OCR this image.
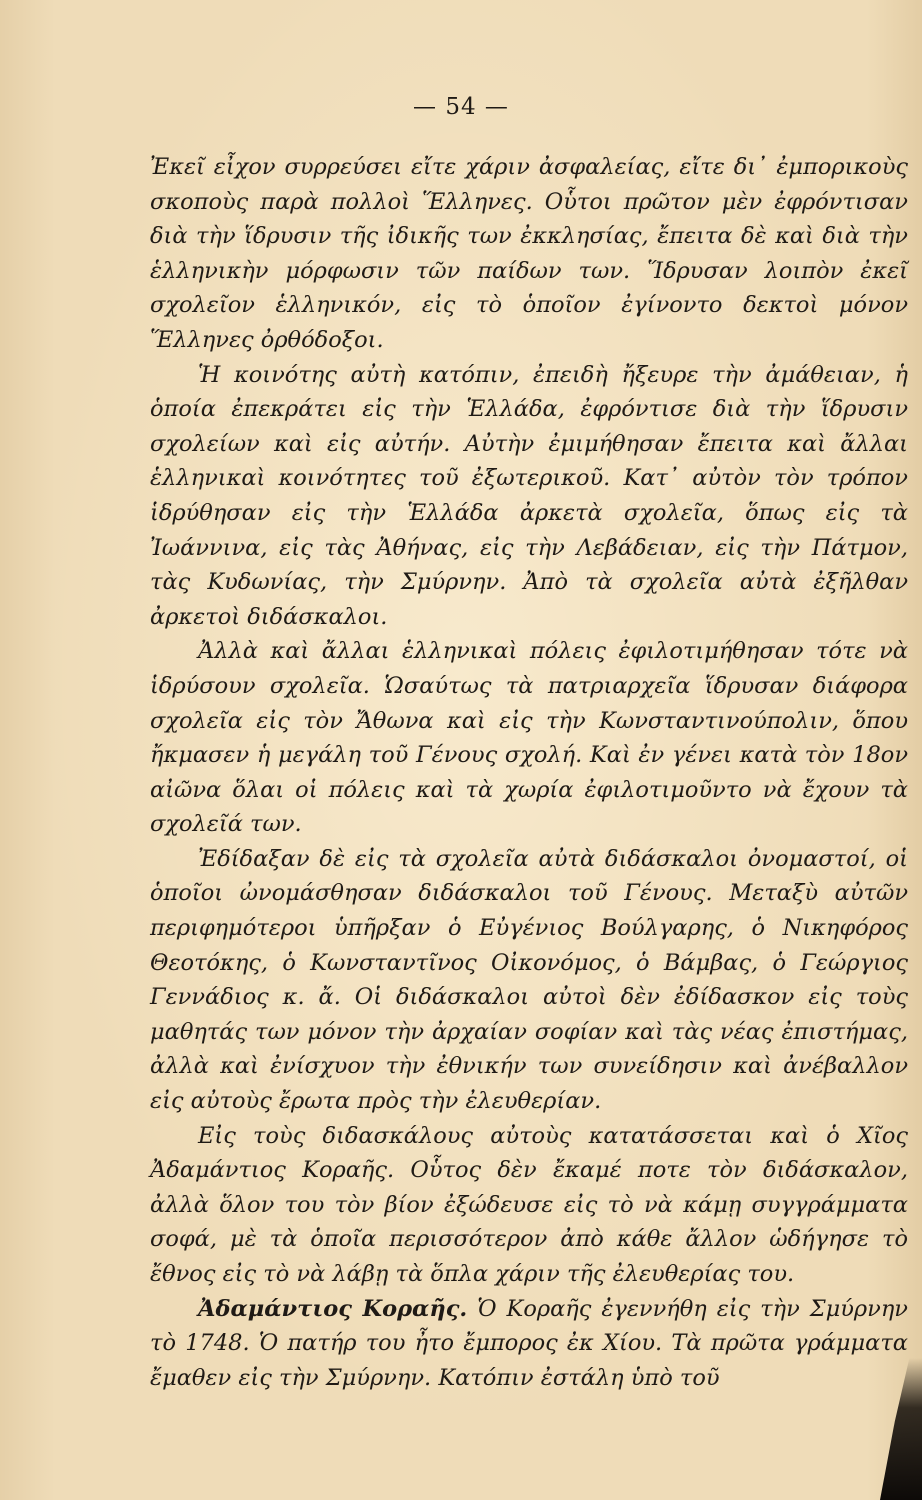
— 54 —

Ἐκεῖ εἶχον συρρεύσει εἴτε χάριν ἀσφαλείας, εἴτε δι᾽ ἐμπορικοὺς σκοποὺς παρὰ πολλοὶ Ἕλληνες. Οὗτοι πρῶτον μὲν ἐφρόντισαν διὰ τὴν ἵδρυσιν τῆς ἰδικῆς των ἐκκλησίας, ἔπειτα δὲ καὶ διὰ τὴν ἑλληνικὴν μόρφωσιν τῶν παίδων των. Ἵδρυσαν λοιπὸν ἐκεῖ σχολεῖον ἑλληνικόν, εἰς τὸ ὁποῖον ἐγίνοντο δεκτοὶ μόνον Ἕλληνες ὀρθόδοξοι.

Ἡ κοινότης αὐτὴ κατόπιν, ἐπειδὴ ἤξευρε τὴν ἀμάθειαν, ἡ ὁποία ἐπεκράτει εἰς τὴν Ἑλλάδα, ἐφρόντισε διὰ τὴν ἵδρυσιν σχολείων καὶ εἰς αὐτήν. Αὐτὴν ἐμιμήθησαν ἔπειτα καὶ ἄλλαι ἑλληνικαὶ κοινότητες τοῦ ἐξωτερικοῦ. Κατ᾽ αὐτὸν τὸν τρόπον ἱδρύθησαν εἰς τὴν Ἑλλάδα ἀρκετὰ σχολεῖα, ὅπως εἰς τὰ Ἰωάννινα, εἰς τὰς Ἀθήνας, εἰς τὴν Λεβάδειαν, εἰς τὴν Πάτμον, τὰς Κυδωνίας, τὴν Σμύρνην. Ἀπὸ τὰ σχολεῖα αὐτὰ ἐξῆλθαν ἀρκετοὶ διδάσκαλοι.

Ἀλλὰ καὶ ἄλλαι ἑλληνικαὶ πόλεις ἐφιλοτιμήθησαν τότε νὰ ἱδρύσουν σχολεῖα. Ὡσαύτως τὰ πατριαρχεῖα ἵδρυσαν διάφορα σχολεῖα εἰς τὸν Ἄθωνα καὶ εἰς τὴν Κωνσταντινούπολιν, ὅπου ἤκμασεν ἡ μεγάλη τοῦ Γένους σχολή. Καὶ ἐν γένει κατὰ τὸν 18ον αἰῶνα ὅλαι οἱ πόλεις καὶ τὰ χωρία ἐφιλοτιμοῦντο νὰ ἔχουν τὰ σχολεῖά των.

Ἐδίδαξαν δὲ εἰς τὰ σχολεῖα αὐτὰ διδάσκαλοι ὀνομαστοί, οἱ ὁποῖοι ὠνομάσθησαν διδάσκαλοι τοῦ Γένους. Μεταξὺ αὐτῶν περιφημότεροι ὑπῆρξαν ὁ Εὐγένιος Βούλγαρης, ὁ Νικηφόρος Θεοτόκης, ὁ Κωνσταντῖνος Οἰκονόμος, ὁ Βάμβας, ὁ Γεώργιος Γεννάδιος κ. ἄ. Οἱ διδάσκαλοι αὐτοὶ δὲν ἐδίδασκον εἰς τοὺς μαθητάς των μόνον τὴν ἀρχαίαν σοφίαν καὶ τὰς νέας ἐπιστήμας, ἀλλὰ καὶ ἐνίσχυον τὴν ἐθνικήν των συνείδησιν καὶ ἀνέβαλλον εἰς αὐτοὺς ἔρωτα πρὸς τὴν ἐλευθερίαν.

Εἰς τοὺς διδασκάλους αὐτοὺς κατατάσσεται καὶ ὁ Χῖος Ἀδαμάντιος Κοραῆς. Οὗτος δὲν ἔκαμέ ποτε τὸν διδάσκαλον, ἀλλὰ ὅλον του τὸν βίον ἐξώδευσε εἰς τὸ νὰ κάμῃ συγγράμματα σοφά, μὲ τὰ ὁποῖα περισσότερον ἀπὸ κάθε ἄλλον ὡδήγησε τὸ ἔθνος εἰς τὸ νὰ λάβῃ τὰ ὅπλα χάριν τῆς ἐλευθερίας του.

Ἀδαμάντιος Κοραῆς. Ὁ Κοραῆς ἐγεννήθη εἰς τὴν Σμύρνην τὸ 1748. Ὁ πατήρ του ἦτο ἔμπορος ἐκ Χίου. Τὰ πρῶτα γράμματα ἔμαθεν εἰς τὴν Σμύρνην. Κατόπιν ἐστάλη ὑπὸ τοῦ
